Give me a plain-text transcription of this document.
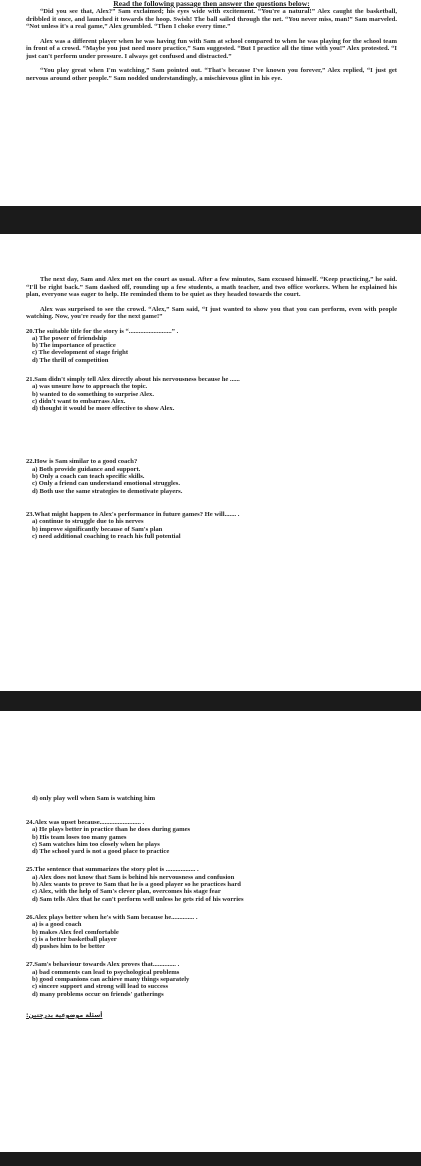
Read the following passage then answer the questions below:

“Did you see that, Alex?” Sam exclaimed; his eyes wide with excitement. “You're a natural!” Alex caught the basketball, dribbled it once, and launched it towards the hoop. Swish! The ball sailed through the net. “You never miss, man!” Sam marveled. “Not unless it's a real game,” Alex grumbled. “Then I choke every time.”

Alex was a different player when he was having fun with Sam at school compared to when he was playing for the school team in front of a crowd. “Maybe you just need more practice,” Sam suggested. “But I practice all the time with you!” Alex protested. “I just can't perform under pressure. I always get confused and distracted.”

“You play great when I'm watching,” Sam pointed out. “That's because I've known you forever,” Alex replied, “I just get nervous around other people.” Sam nodded understandingly, a mischievous glint in his eye.

The next day, Sam and Alex met on the court as usual. After a few minutes, Sam excused himself. “Keep practicing,” he said. “I'll be right back.” Sam dashed off, rounding up a few students, a math teacher, and two office workers. When he explained his plan, everyone was eager to help. He reminded them to be quiet as they headed towards the court.

Alex was surprised to see the crowd. “Alex,” Sam said, “I just wanted to show you that you can perform, even with people watching. Now, you're ready for the next game!”

20.The suitable title for the story is “..........................” .

a) The power of friendship

b) The importance of practice

c) The development of stage fright

d) The thrill of competition

21.Sam didn't simply tell Alex directly about his nervousness because he ......

a) was unsure how to approach the topic.

b) wanted to do something to surprise Alex.

c) didn't want to embarrass Alex.

d) thought it would be more effective to show Alex.

22.How is Sam similar to a good coach?

a) Both provide guidance and support.

b) Only a coach can teach specific skills.

c) Only a friend can understand emotional struggles.

d) Both use the same strategies to demotivate players.

23.What might happen to Alex's performance in future games? He will....... .

a) continue to struggle due to his nerves

b) improve significantly because of Sam's plan

c) need additional coaching to reach his full potential

d) only play well when Sam is watching him

24.Alex was upset because......................... .

a) He plays better in practice than he does during games

b) His team loses too many games

c) Sam watches him too closely when he plays

d) The school yard is not a good place to practice

25.The sentence that summarizes the story plot is .................. .

a) Alex does not know that Sam is behind his nervousness and confusion

b) Alex wants to prove to Sam that he is a good player so he practices hard

c) Alex, with the help of Sam's clever plan, overcomes his stage fear

d) Sam tells Alex that he can't perform well unless he gets rid of his worries

26.Alex plays better when he's with Sam because he.............. .

a) is a good coach

b) makes Alex feel comfortable

c) is a better basketball player

d) pushes him to be better

27.Sam's behaviour towards Alex proves that.............. .

a) bad comments can lead to psychological problems

b) good companions can achieve many things separately

c) sincere support and strong will lead to success

d) many problems occur on friends' gatherings

أسئلة موضوعية بدرجتين:
